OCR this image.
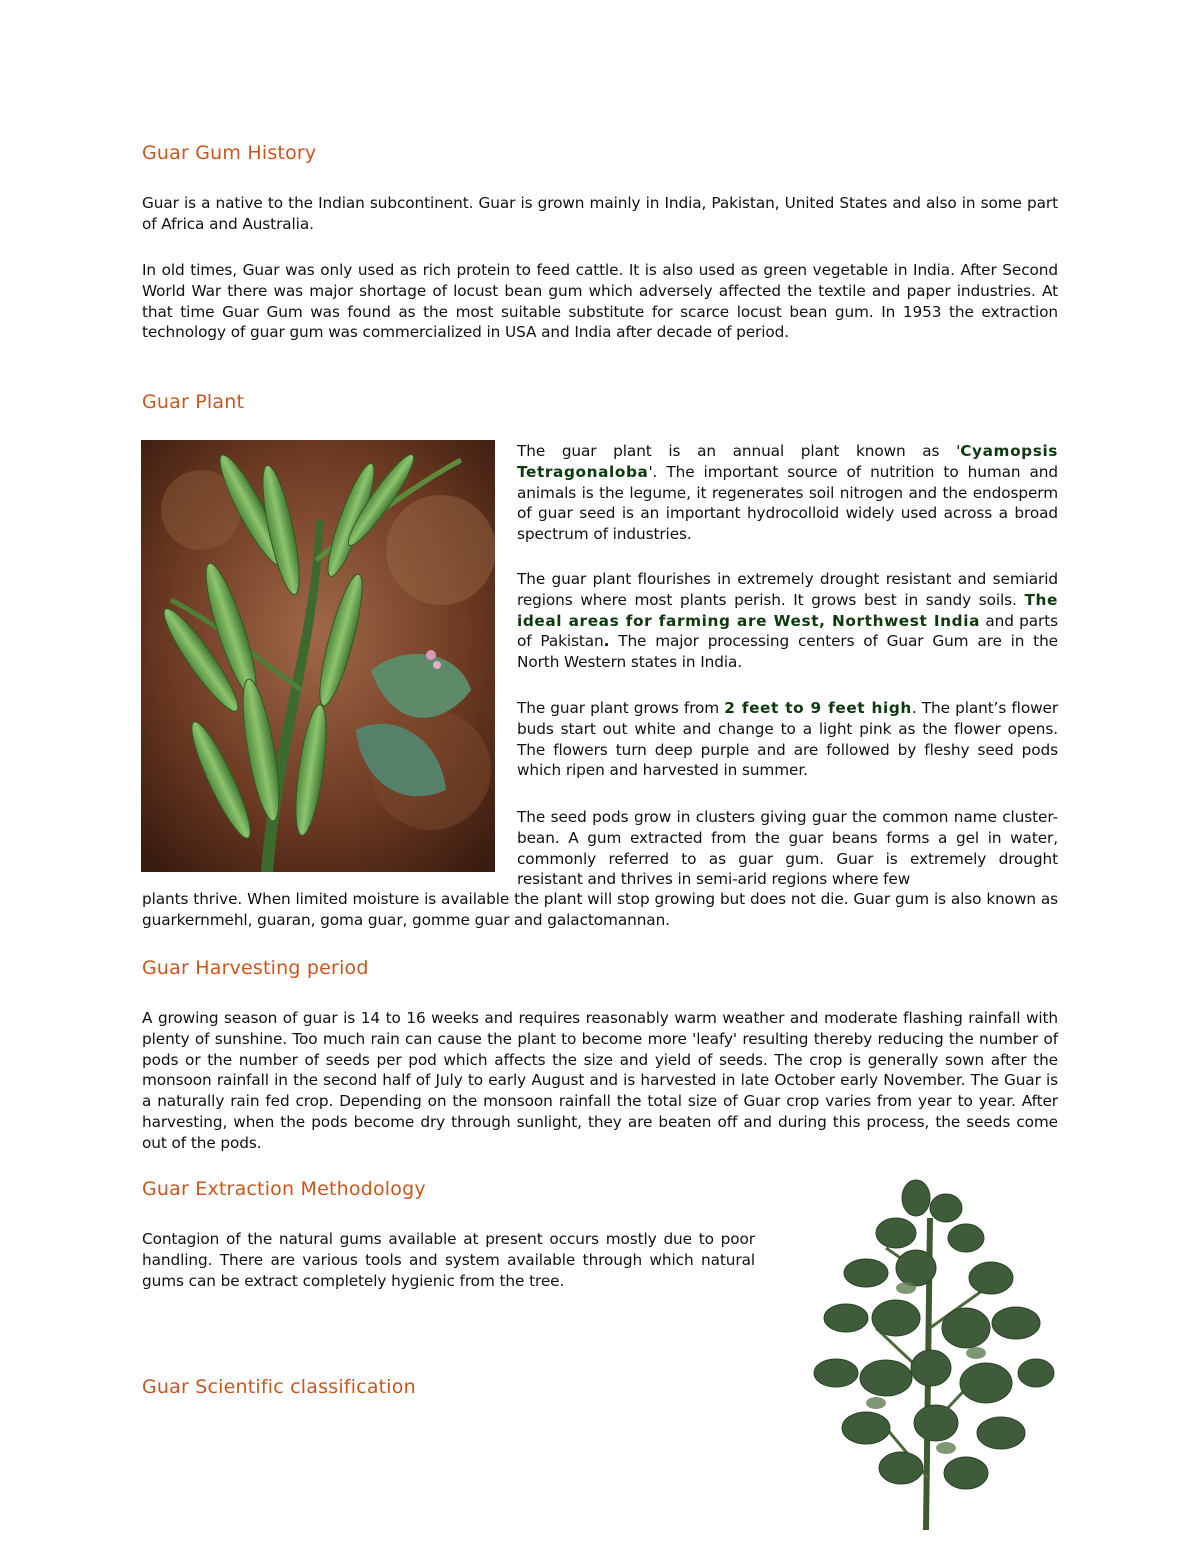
Guar Gum History

Guar is a native to the Indian subcontinent. Guar is grown mainly in India, Pakistan, United States and also in some part of Africa and Australia.

In old times, Guar was only used as rich protein to feed cattle. It is also used as green vegetable in India. After Second World War there was major shortage of locust bean gum which adversely affected the textile and paper industries. At that time Guar Gum was found as the most suitable substitute for scarce locust bean gum. In 1953 the extraction technology of guar gum was commercialized in USA and India after decade of period.

Guar Plant

The guar plant is an annual plant known as 'Cyamopsis Tetragonaloba'. The important source of nutrition to human and animals is the legume, it regenerates soil nitrogen and the endosperm of guar seed is an important hydrocolloid widely used across a broad spectrum of industries.

The guar plant flourishes in extremely drought resistant and semiarid regions where most plants perish. It grows best in sandy soils. The ideal areas for farming are West, Northwest India and parts of Pakistan. The major processing centers of Guar Gum are in the North Western states in India.

The guar plant grows from 2 feet to 9 feet high. The plant’s flower buds start out white and change to a light pink as the flower opens. The flowers turn deep purple and are followed by fleshy seed pods which ripen and harvested in summer.

The seed pods grow in clusters giving guar the common name cluster-bean. A gum extracted from the guar beans forms a gel in water, commonly referred to as guar gum. Guar is extremely drought resistant and thrives in semi-arid regions where few

plants thrive. When limited moisture is available the plant will stop growing but does not die. Guar gum is also known as guarkernmehl, guaran, goma guar, gomme guar and galactomannan.

Guar Harvesting period

A growing season of guar is 14 to 16 weeks and requires reasonably warm weather and moderate flashing rainfall with plenty of sunshine. Too much rain can cause the plant to become more 'leafy' resulting thereby reducing the number of pods or the number of seeds per pod which affects the size and yield of seeds. The crop is generally sown after the monsoon rainfall in the second half of July to early August and is harvested in late October early November. The Guar is a naturally rain fed crop. Depending on the monsoon rainfall the total size of Guar crop varies from year to year. After harvesting, when the pods become dry through sunlight, they are beaten off and during this process, the seeds come out of the pods.

Guar Extraction Methodology

Contagion of the natural gums available at present occurs mostly due to poor handling. There are various tools and system available through which natural gums can be extract completely hygienic from the tree.

Guar Scientific classification
